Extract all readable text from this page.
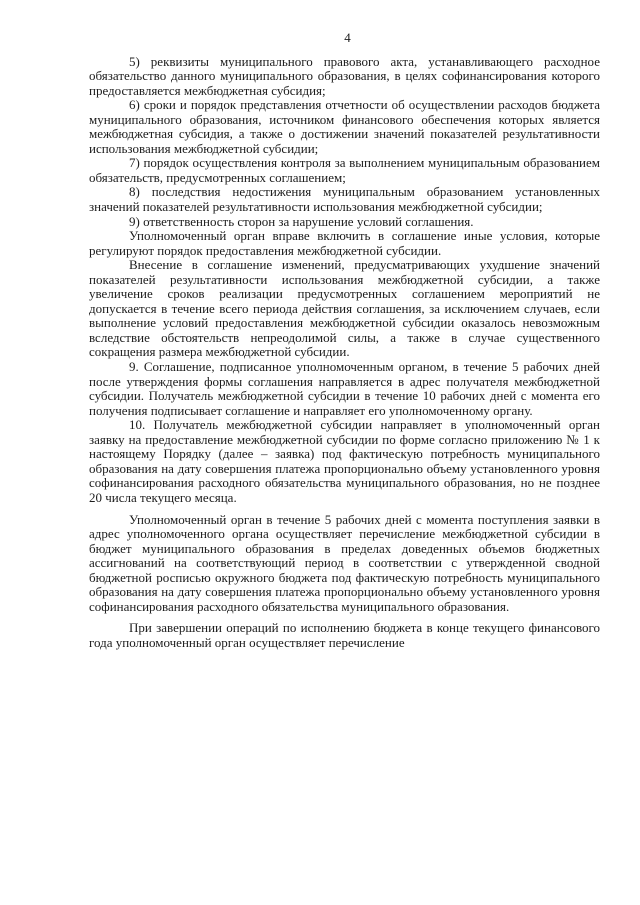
4

5) реквизиты муниципального правового акта, устанавливающего расходное обязательство данного муниципального образования, в целях софинансирования которого предоставляется межбюджетная субсидия;

6) сроки и порядок представления отчетности об осуществлении расходов бюджета муниципального образования, источником финансового обеспечения которых является межбюджетная субсидия, а также о достижении значений показателей результативности использования межбюджетной субсидии;

7) порядок осуществления контроля за выполнением муниципальным образованием обязательств, предусмотренных соглашением;

8) последствия недостижения муниципальным образованием установленных значений показателей результативности использования межбюджетной субсидии;

9) ответственность сторон за нарушение условий соглашения.

Уполномоченный орган вправе включить в соглашение иные условия, которые регулируют порядок предоставления межбюджетной субсидии.

Внесение в соглашение изменений, предусматривающих ухудшение значений показателей результативности использования межбюджетной субсидии, а также увеличение сроков реализации предусмотренных соглашением мероприятий не допускается в течение всего периода действия соглашения, за исключением случаев, если выполнение условий предоставления межбюджетной субсидии оказалось невозможным вследствие обстоятельств непреодолимой силы, а также в случае существенного сокращения размера межбюджетной субсидии.

9. Соглашение, подписанное уполномоченным органом, в течение 5 рабочих дней после утверждения формы соглашения направляется в адрес получателя межбюджетной субсидии. Получатель межбюджетной субсидии в течение 10 рабочих дней с момента его получения подписывает соглашение и направляет его уполномоченному органу.

10. Получатель межбюджетной субсидии направляет в уполномоченный орган заявку на предоставление межбюджетной субсидии по форме согласно приложению № 1 к настоящему Порядку (далее – заявка) под фактическую потребность муниципального образования на дату совершения платежа пропорционально объему установленного уровня софинансирования расходного обязательства муниципального образования, но не позднее 20 числа текущего месяца.

Уполномоченный орган в течение 5 рабочих дней с момента поступления заявки в адрес уполномоченного органа осуществляет перечисление межбюджетной субсидии в бюджет муниципального образования в пределах доведенных объемов бюджетных ассигнований на соответствующий период в соответствии с утвержденной сводной бюджетной росписью окружного бюджета под фактическую потребность муниципального образования на дату совершения платежа пропорционально объему установленного уровня софинансирования расходного обязательства муниципального образования.

При завершении операций по исполнению бюджета в конце текущего финансового года уполномоченный орган осуществляет перечисление
